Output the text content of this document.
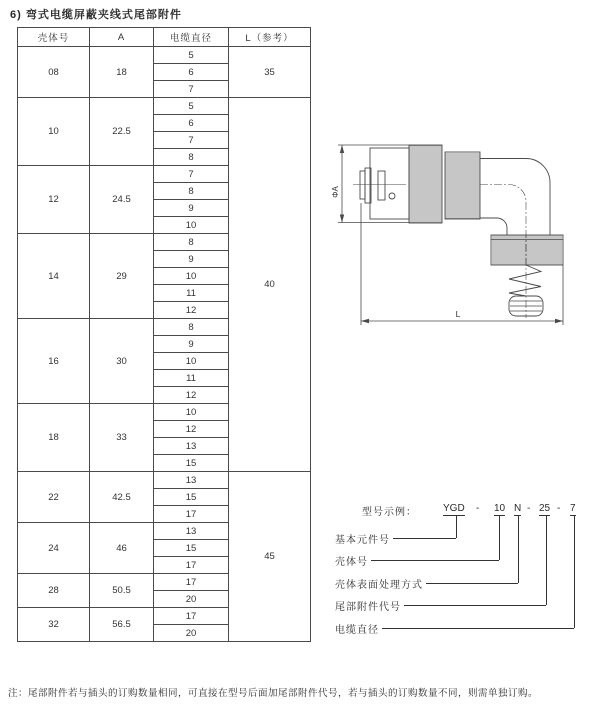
6) 弯式电缆屏蔽夹线式尾部附件
壳体号	A	电缆直径	L（参考）
08	18	5	35
		6	
		7	
10	22.5	5	40
		6	
		7	
		8	
12	24.5	7	
		8	
		9	
		10	
14	29	8	
		9	
		10	
		11	
		12	
16	30	8	
		9	
		10	
		11	
		12	
18	33	10	
		12	
		13	
		15	
22	42.5	13	45
		15	
		17	
24	46	13	
		15	
		17	
28	50.5	17	
		20	
32	56.5	17	
		20	
ΦA
L
型号示例：	YGD - 10 N - 25 - 7
基本元件号
壳体号
壳体表面处理方式
尾部附件代号
电缆直径
注：尾部附件若与插头的订购数量相同，可直接在型号后面加尾部附件代号，若与插头的订购数量不同，则需单独订购。
